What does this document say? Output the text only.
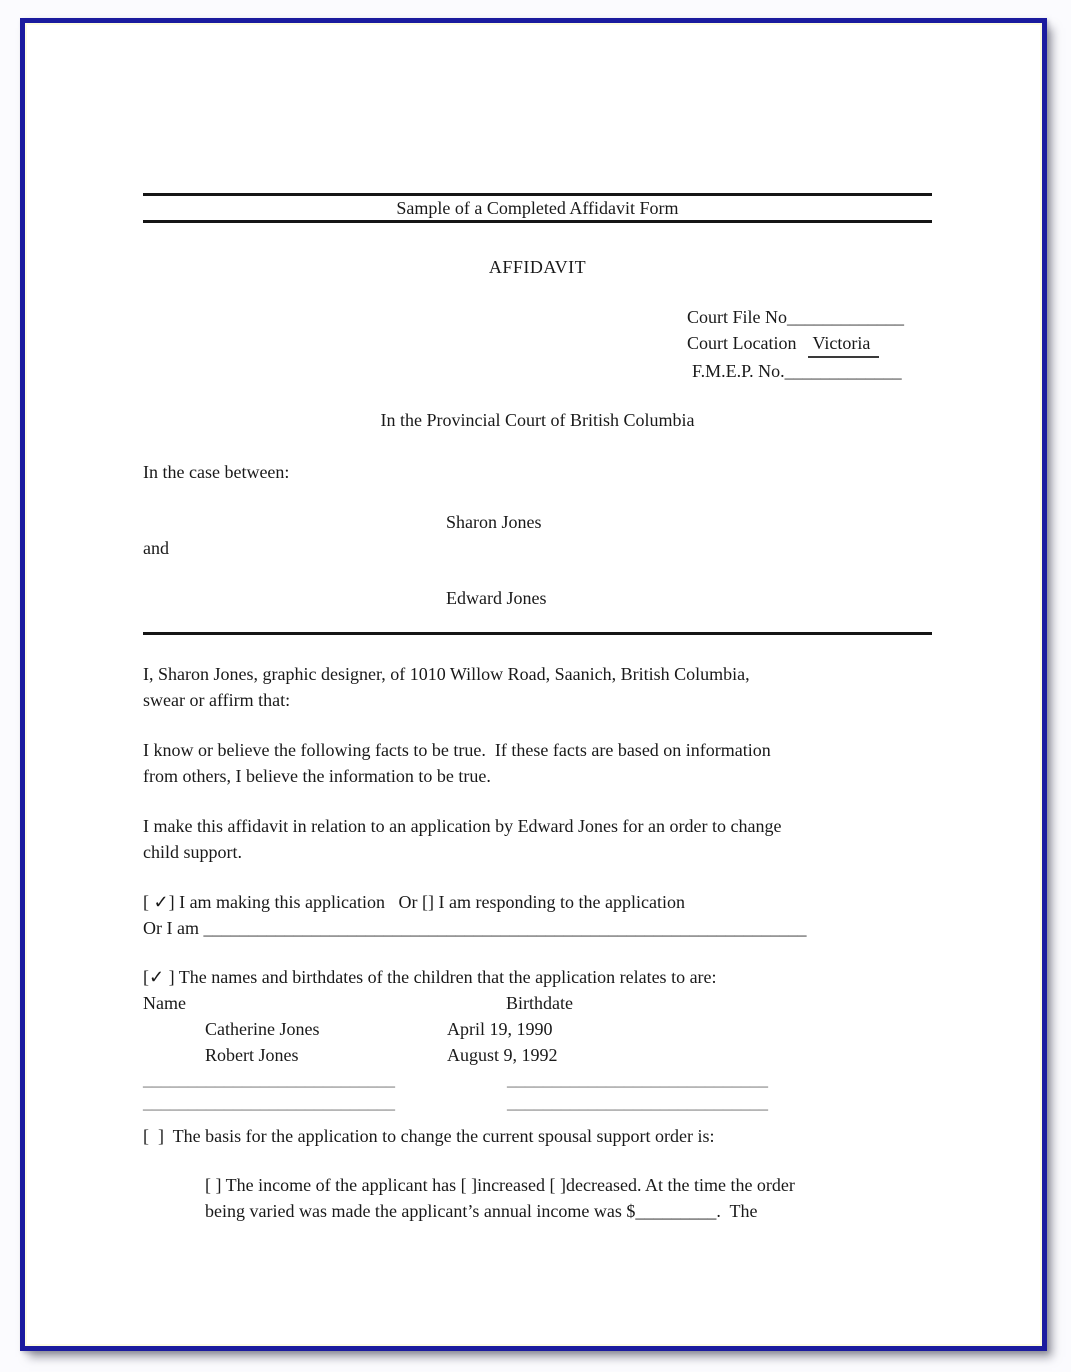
Sample of a Completed Affidavit Form
AFFIDAVIT
Court File No_____________
Court Location Victoria
F.M.E.P. No._____________
In the Provincial Court of British Columbia
In the case between:
Sharon Jones
and
Edward Jones
I, Sharon Jones, graphic designer, of 1010 Willow Road, Saanich, British Columbia,
swear or affirm that:
I know or believe the following facts to be true.  If these facts are based on information
from others, I believe the information to be true.
I make this affidavit in relation to an application by Edward Jones for an order to change
child support.
[ ✓] I am making this application   Or [] I am responding to the application
Or I am ___________________________________________________________________
[✓ ] The names and birthdates of the children that the application relates to are:
Name	Birthdate
Catherine Jones	April 19, 1990
Robert Jones	August 9, 1992
____________________________	_____________________________
____________________________	_____________________________
[  ]  The basis for the application to change the current spousal support order is:
[ ] The income of the applicant has [ ]increased [ ]decreased. At the time the order
being varied was made the applicant’s annual income was $_________.  The
